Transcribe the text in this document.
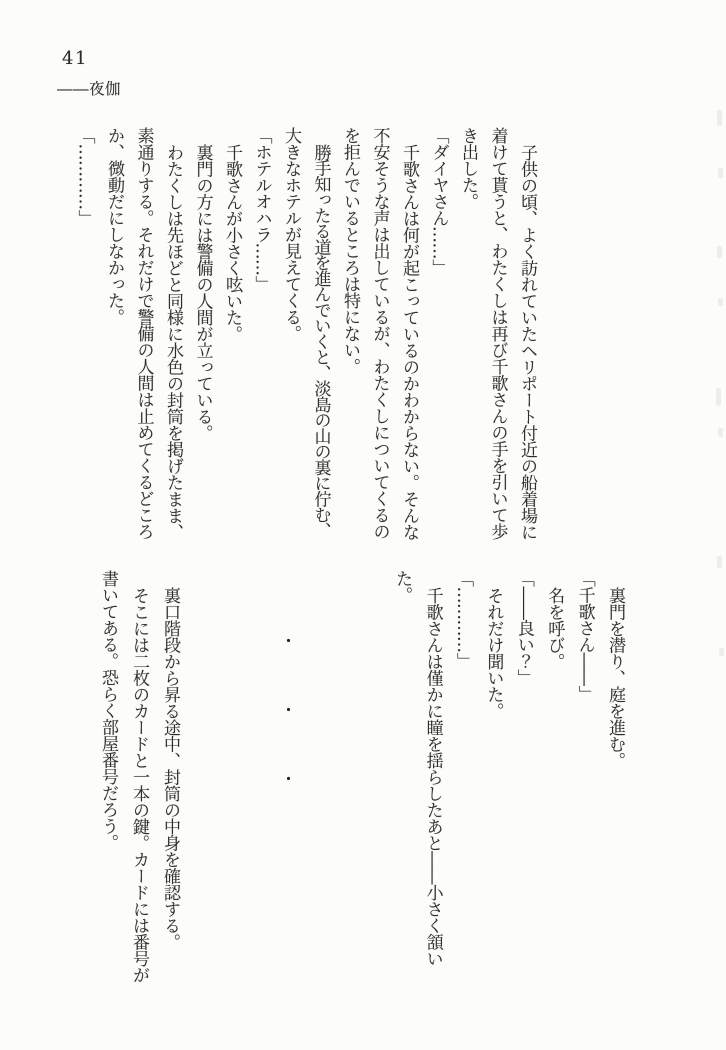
41
――夜伽
子供の頃、よく訪れていたヘリポート付近の船着場に
着けて貰うと、わたくしは再び千歌さんの手を引いて歩
き出した。
「ダイヤさん……」
千歌さんは何が起こっているのかわからない。そんな
不安そうな声は出しているが、わたくしについてくるの
を拒んでいるところは特にない。
勝手知ったる道を進んでいくと、淡島の山の裏に佇む、
大きなホテルが見えてくる。
「ホテルオハラ……」
千歌さんが小さく呟いた。
裏門の方には警備の人間が立っている。
わたくしは先ほどと同様に水色の封筒を掲げたまま、
素通りする。それだけで警備の人間は止めてくるどころ
か、微動だにしなかった。
「…………」
裏門を潜り、庭を進む。
「千歌さん――」
名を呼び。
「――良い？」
それだけ聞いた。
「…………」
千歌さんは僅かに瞳を揺らしたあと――小さく頷い
た。
裏口階段から昇る途中、封筒の中身を確認する。
そこには二枚のカードと一本の鍵。カードには番号が
書いてある。恐らく部屋番号だろう。	・
・
・
